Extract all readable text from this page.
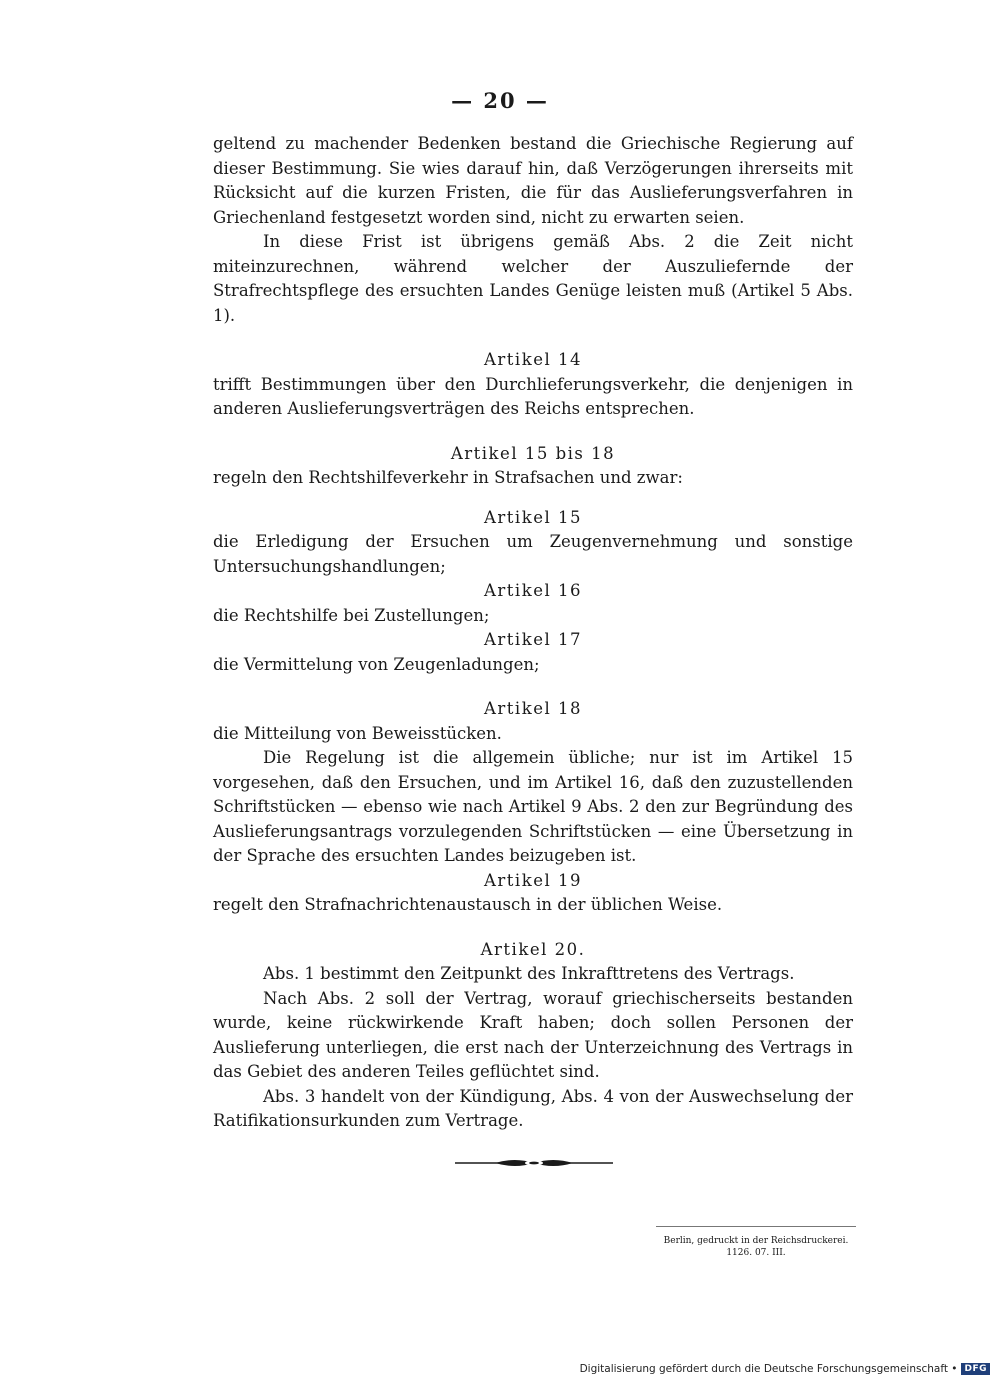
— 20 —

geltend zu machender Bedenken bestand die Griechische Regierung auf dieser Bestimmung. Sie wies darauf hin, daß Verzögerungen ihrerseits mit Rücksicht auf die kurzen Fristen, die für das Auslieferungsverfahren in Griechenland festgesetzt worden sind, nicht zu erwarten seien.

In diese Frist ist übrigens gemäß Abs. 2 die Zeit nicht miteinzurechnen, während welcher der Auszuliefernde der Strafrechtspflege des ersuchten Landes Genüge leisten muß (Artikel 5 Abs. 1).

Artikel 14

trifft Bestimmungen über den Durchlieferungsverkehr, die denjenigen in anderen Auslieferungsverträgen des Reichs entsprechen.

Artikel 15 bis 18

regeln den Rechtshilfeverkehr in Strafsachen und zwar:

Artikel 15

die Erledigung der Ersuchen um Zeugenvernehmung und sonstige Untersuchungshandlungen;

Artikel 16

die Rechtshilfe bei Zustellungen;

Artikel 17

die Vermittelung von Zeugenladungen;

Artikel 18

die Mitteilung von Beweisstücken.

Die Regelung ist die allgemein übliche; nur ist im Artikel 15 vorgesehen, daß den Ersuchen, und im Artikel 16, daß den zuzustellenden Schriftstücken — ebenso wie nach Artikel 9 Abs. 2 den zur Begründung des Auslieferungsantrags vorzulegenden Schriftstücken — eine Übersetzung in der Sprache des ersuchten Landes beizugeben ist.

Artikel 19

regelt den Strafnachrichtenaustausch in der üblichen Weise.

Artikel 20.

Abs. 1 bestimmt den Zeitpunkt des Inkrafttretens des Vertrags.

Nach Abs. 2 soll der Vertrag, worauf griechischerseits bestanden wurde, keine rückwirkende Kraft haben; doch sollen Personen der Auslieferung unterliegen, die erst nach der Unterzeichnung des Vertrags in das Gebiet des anderen Teiles geflüchtet sind.

Abs. 3 handelt von der Kündigung, Abs. 4 von der Auswechselung der Ratifikationsurkunden zum Vertrage.

Berlin, gedruckt in der Reichsdruckerei.
1126. 07. III.
Digitalisierung gefördert durch die Deutsche Forschungsgemeinschaft • DFG
